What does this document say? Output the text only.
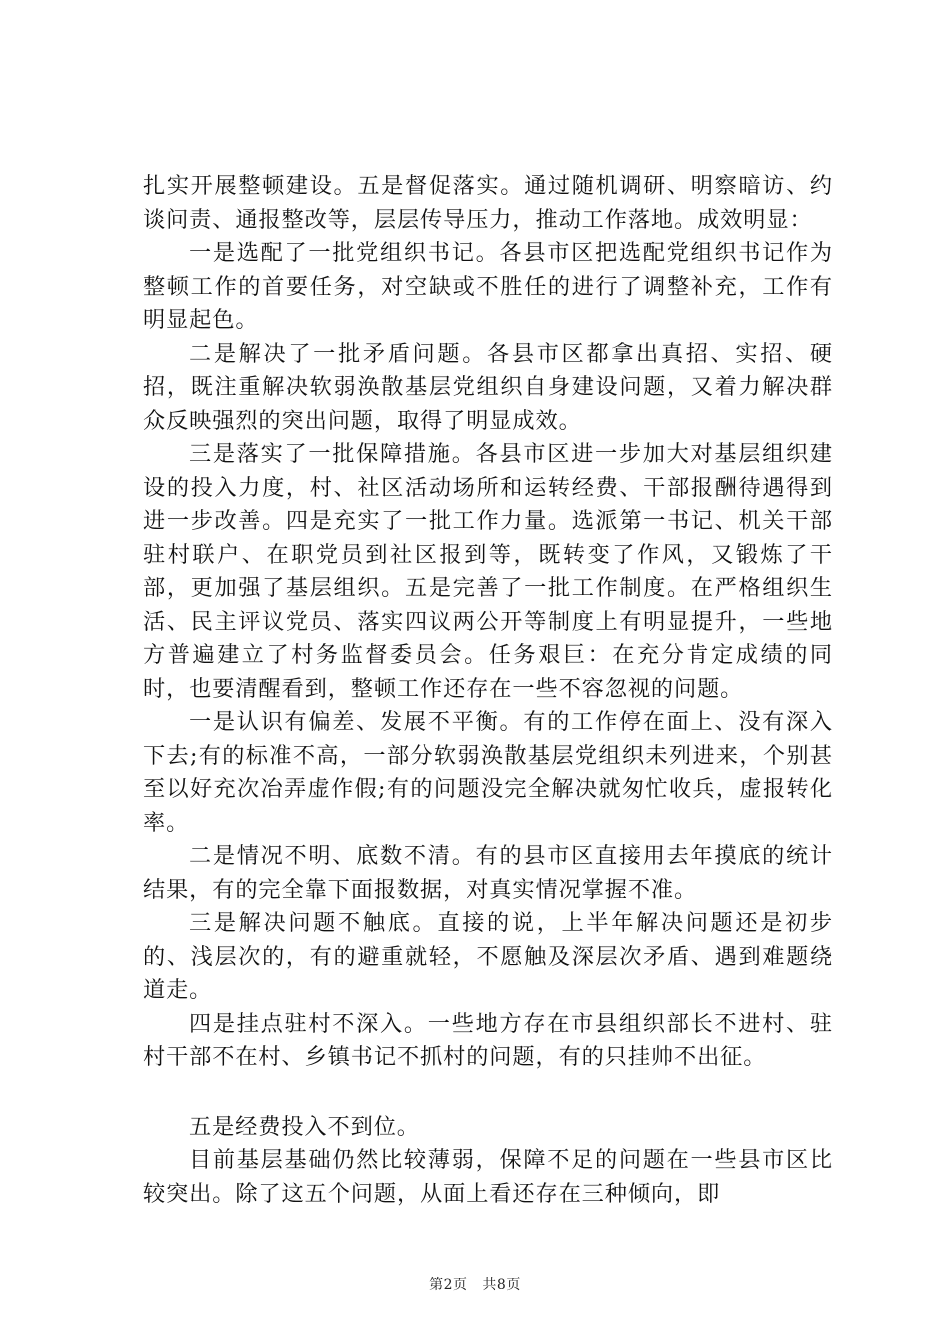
扎实开展整顿建设。五是督促落实。通过随机调研、明察暗访、约谈问责、通报整改等，层层传导压力，推动工作落地。成效明显：

一是选配了一批党组织书记。各县市区把选配党组织书记作为整顿工作的首要任务，对空缺或不胜任的进行了调整补充，工作有明显起色。

二是解决了一批矛盾问题。各县市区都拿出真招、实招、硬招，既注重解决软弱涣散基层党组织自身建设问题，又着力解决群众反映强烈的突出问题，取得了明显成效。

三是落实了一批保障措施。各县市区进一步加大对基层组织建设的投入力度，村、社区活动场所和运转经费、干部报酬待遇得到进一步改善。四是充实了一批工作力量。选派第一书记、机关干部驻村联户、在职党员到社区报到等，既转变了作风，又锻炼了干部，更加强了基层组织。五是完善了一批工作制度。在严格组织生活、民主评议党员、落实四议两公开等制度上有明显提升，一些地方普遍建立了村务监督委员会。任务艰巨：在充分肯定成绩的同时，也要清醒看到，整顿工作还存在一些不容忽视的问题。

一是认识有偏差、发展不平衡。有的工作停在面上、没有深入下去;有的标准不高，一部分软弱涣散基层党组织未列进来，个别甚至以好充次冶弄虚作假;有的问题没完全解决就匆忙收兵，虚报转化率。

二是情况不明、底数不清。有的县市区直接用去年摸底的统计结果，有的完全靠下面报数据，对真实情况掌握不准。

三是解决问题不触底。直接的说，上半年解决问题还是初步的、浅层次的，有的避重就轻，不愿触及深层次矛盾、遇到难题绕道走。

四是挂点驻村不深入。一些地方存在市县组织部长不进村、驻村干部不在村、乡镇书记不抓村的问题，有的只挂帅不出征。

五是经费投入不到位。

目前基层基础仍然比较薄弱，保障不足的问题在一些县市区比较突出。除了这五个问题，从面上看还存在三种倾向，即

第2页 共8页
